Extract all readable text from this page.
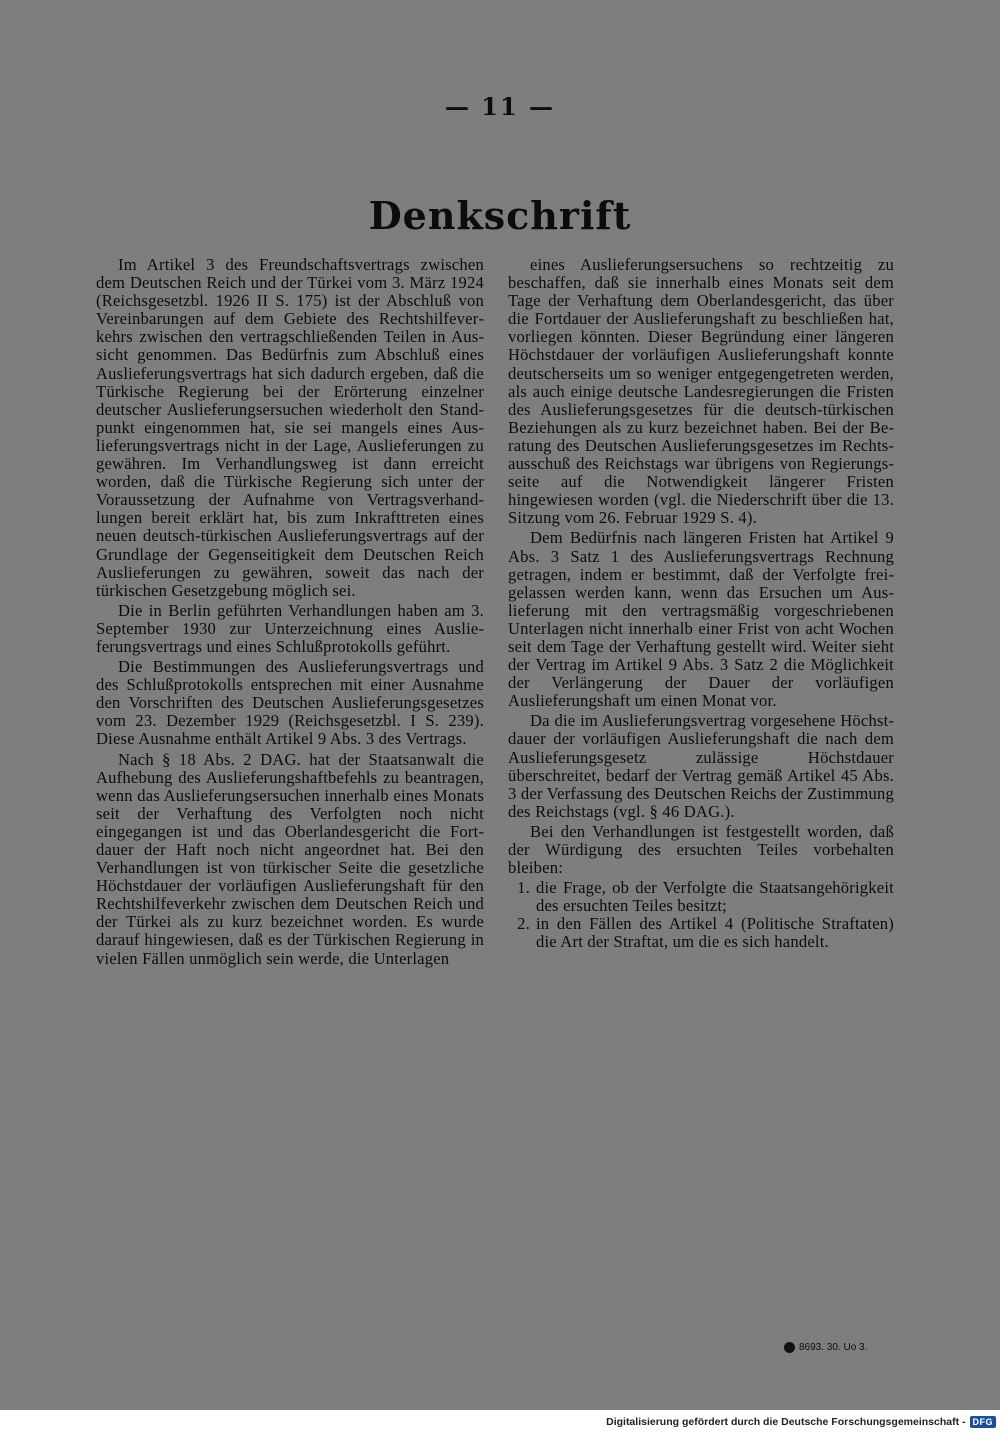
— 11 —
Denkschrift

Im Artikel 3 des Freundschaftsvertrags zwischen dem Deutschen Reich und der Türkei vom 3. März 1924 (Reichsgesetzbl. 1926 II S. 175) ist der Abschluß von Vereinbarungen auf dem Gebiete des Rechtshilfeverkehrs zwischen den vertragschließenden Teilen in Aussicht genommen. Das Bedürfnis zum Abschluß eines Auslieferungsvertrags hat sich dadurch ergeben, daß die Türkische Regierung bei der Erörterung einzelner deutscher Auslieferungsersuchen wiederholt den Standpunkt eingenommen hat, sie sei mangels eines Auslieferungsvertrags nicht in der Lage, Auslieferungen zu gewähren. Im Verhandlungsweg ist dann erreicht worden, daß die Türkische Regierung sich unter der Voraussetzung der Aufnahme von Vertragsverhandlungen bereit erklärt hat, bis zum Inkrafttreten eines neuen deutsch-türkischen Auslieferungsvertrags auf der Grundlage der Gegenseitigkeit dem Deutschen Reich Auslieferungen zu gewähren, soweit das nach der türkischen Gesetzgebung möglich sei.

Die in Berlin geführten Verhandlungen haben am 3. September 1930 zur Unterzeichnung eines Auslieferungsvertrags und eines Schlußprotokolls geführt.

Die Bestimmungen des Auslieferungsvertrags und des Schlußprotokolls entsprechen mit einer Ausnahme den Vorschriften des Deutschen Auslieferungsgesetzes vom 23. Dezember 1929 (Reichsgesetzbl. I S. 239). Diese Ausnahme enthält Artikel 9 Abs. 3 des Vertrags.

Nach § 18 Abs. 2 DAG. hat der Staatsanwalt die Aufhebung des Auslieferungshaftbefehls zu beantragen, wenn das Auslieferungsersuchen innerhalb eines Monats seit der Verhaftung des Verfolgten noch nicht eingegangen ist und das Oberlandesgericht die Fortdauer der Haft noch nicht angeordnet hat. Bei den Verhandlungen ist von türkischer Seite die gesetzliche Höchstdauer der vorläufigen Auslieferungshaft für den Rechtshilfeverkehr zwischen dem Deutschen Reich und der Türkei als zu kurz bezeichnet worden. Es wurde darauf hingewiesen, daß es der Türkischen Regierung in vielen Fällen unmöglich sein werde, die Unterlagen

eines Auslieferungsersuchens so rechtzeitig zu beschaffen, daß sie innerhalb eines Monats seit dem Tage der Verhaftung dem Oberlandesgericht, das über die Fortdauer der Auslieferungshaft zu beschließen hat, vorliegen könnten. Dieser Begründung einer längeren Höchstdauer der vorläufigen Auslieferungshaft konnte deutscherseits um so weniger entgegengetreten werden, als auch einige deutsche Landesregierungen die Fristen des Auslieferungsgesetzes für die deutsch-türkischen Beziehungen als zu kurz bezeichnet haben. Bei der Beratung des Deutschen Auslieferungsgesetzes im Rechtsausschuß des Reichstags war übrigens von Regierungsseite auf die Notwendigkeit längerer Fristen hingewiesen worden (vgl. die Niederschrift über die 13. Sitzung vom 26. Februar 1929 S. 4).

Dem Bedürfnis nach längeren Fristen hat Artikel 9 Abs. 3 Satz 1 des Auslieferungsvertrags Rechnung getragen, indem er bestimmt, daß der Verfolgte freigelassen werden kann, wenn das Ersuchen um Auslieferung mit den vertragsmäßig vorgeschriebenen Unterlagen nicht innerhalb einer Frist von acht Wochen seit dem Tage der Verhaftung gestellt wird. Weiter sieht der Vertrag im Artikel 9 Abs. 3 Satz 2 die Möglichkeit der Verlängerung der Dauer der vorläufigen Auslieferungshaft um einen Monat vor.

Da die im Auslieferungsvertrag vorgesehene Höchstdauer der vorläufigen Auslieferungshaft die nach dem Auslieferungsgesetz zulässige Höchstdauer überschreitet, bedarf der Vertrag gemäß Artikel 45 Abs. 3 der Verfassung des Deutschen Reichs der Zustimmung des Reichstags (vgl. § 46 DAG.).

Bei den Verhandlungen ist festgestellt worden, daß der Würdigung des ersuchten Teiles vorbehalten bleiben:

1. die Frage, ob der Verfolgte die Staatsangehörigkeit des ersuchten Teiles besitzt;
2. in den Fällen des Artikel 4 (Politische Straftaten) die Art der Straftat, um die es sich handelt.
8693. 30. Uo 3.
Digitalisierung gefördert durch die Deutsche Forschungsgemeinschaft - DFG
